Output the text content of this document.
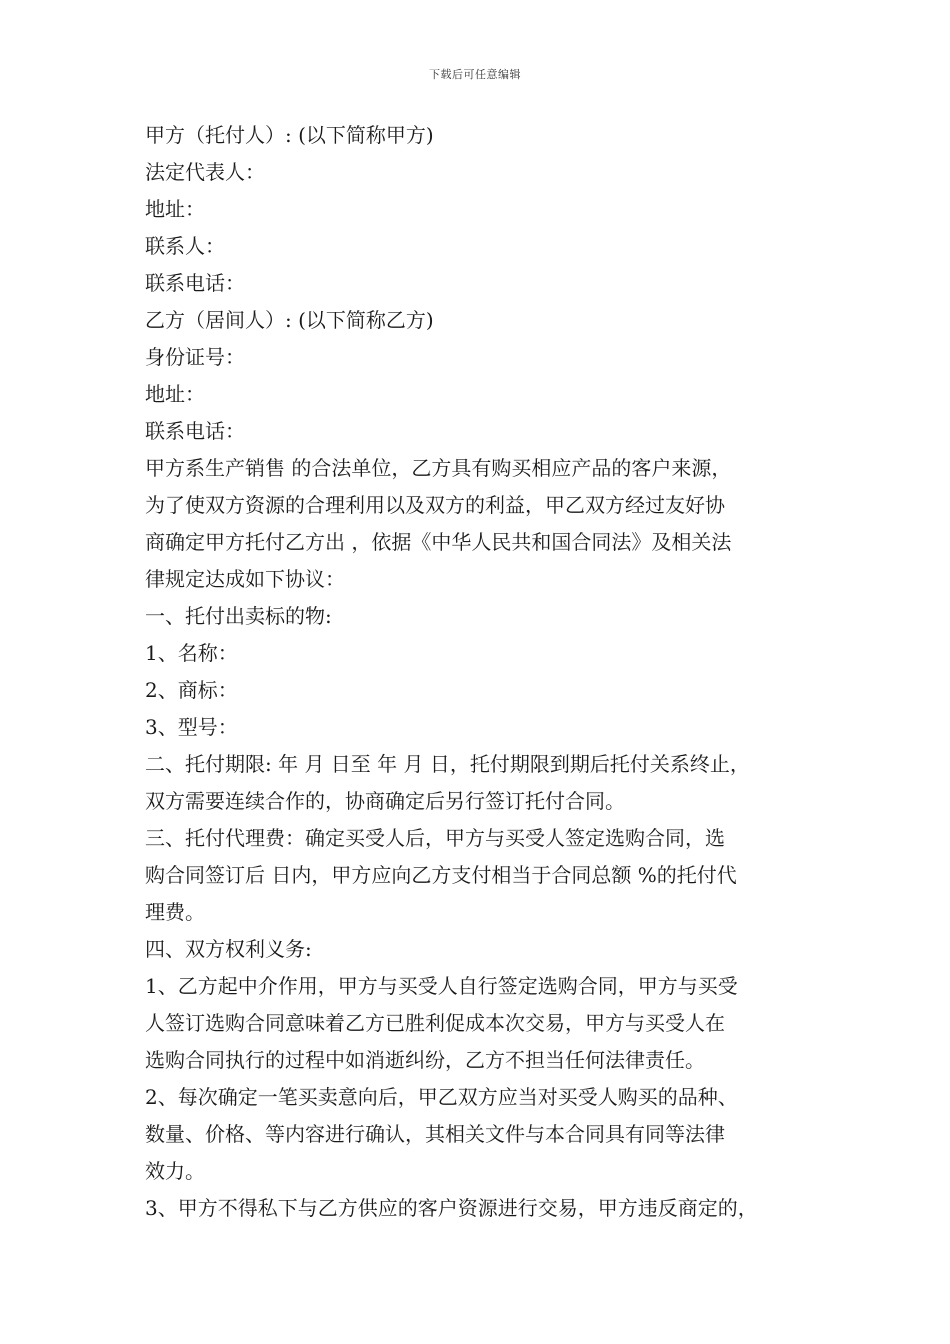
下载后可任意编辑
甲方（托付人）: (以下简称甲方)
法定代表人：
地址：
联系人：
联系电话：
乙方（居间人）: (以下简称乙方)
身份证号：
地址：
联系电话：
甲方系生产销售 的合法单位，乙方具有购买相应产品的客户来源，
为了使双方资源的合理利用以及双方的利益，甲乙双方经过友好协
商确定甲方托付乙方出 ，依据《中华人民共和国合同法》及相关法
律规定达成如下协议：
一、托付出卖标的物:
1、名称：
2、商标：
3、型号：
二、托付期限: 年 月 日至 年 月 日，托付期限到期后托付关系终止，
双方需要连续合作的，协商确定后另行签订托付合同。
三、托付代理费：确定买受人后，甲方与买受人签定选购合同，选
购合同签订后 日内，甲方应向乙方支付相当于合同总额 %的托付代
理费。
四、双方权利义务:
1、乙方起中介作用，甲方与买受人自行签定选购合同，甲方与买受
人签订选购合同意味着乙方已胜利促成本次交易，甲方与买受人在
选购合同执行的过程中如消逝纠纷，乙方不担当任何法律责任。
2、每次确定一笔买卖意向后，甲乙双方应当对买受人购买的品种、
数量、价格、等内容进行确认，其相关文件与本合同具有同等法律
效力。
3、甲方不得私下与乙方供应的客户资源进行交易，甲方违反商定的，
